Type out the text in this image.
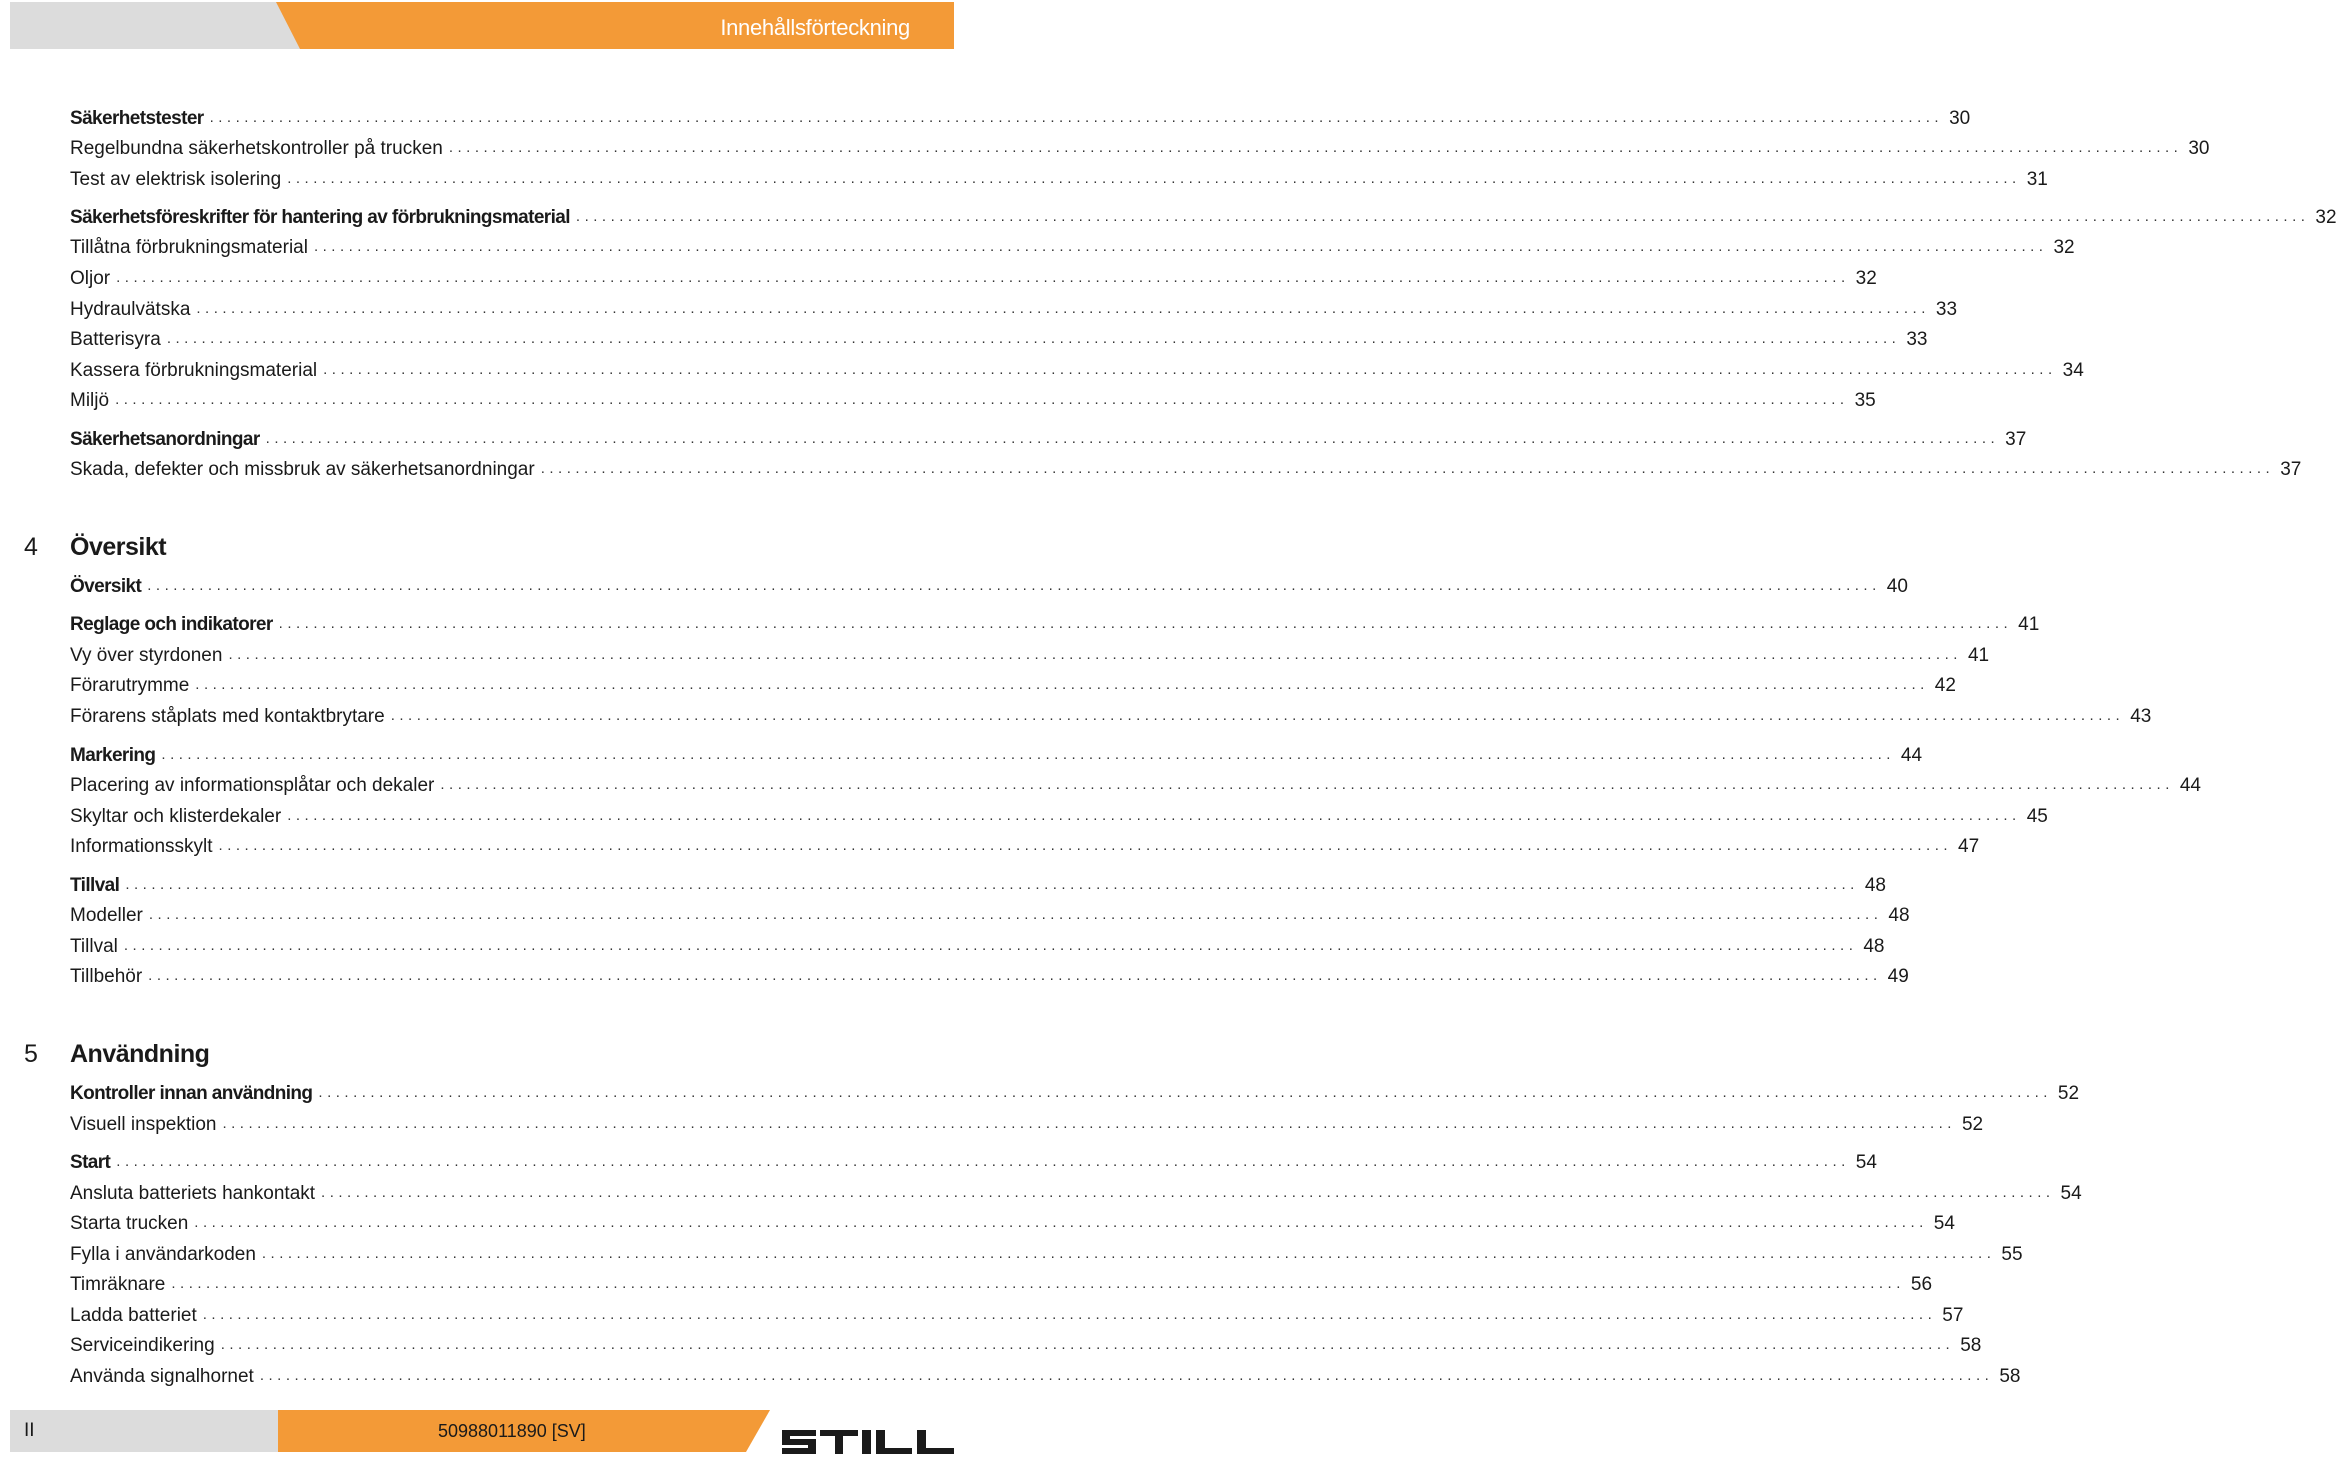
Innehållsförteckning
Säkerhetstester ........................................................................................................................................................................................................ 30
Regelbundna säkerhetskontroller på trucken ........................................................................................................................................................................................................ 30
Test av elektrisk isolering ........................................................................................................................................................................................................ 31
Säkerhetsföreskrifter för hantering av förbrukningsmaterial ........................................................................................................................................................................................................ 32
Tillåtna förbrukningsmaterial ........................................................................................................................................................................................................ 32
Oljor ........................................................................................................................................................................................................ 32
Hydraulvätska ........................................................................................................................................................................................................ 33
Batterisyra ........................................................................................................................................................................................................ 33
Kassera förbrukningsmaterial ........................................................................................................................................................................................................ 34
Miljö ........................................................................................................................................................................................................ 35
Säkerhetsanordningar ........................................................................................................................................................................................................ 37
Skada, defekter och missbruk av säkerhetsanordningar ........................................................................................................................................................................................................ 37
4	Översikt
Översikt ........................................................................................................................................................................................................ 40
Reglage och indikatorer ........................................................................................................................................................................................................ 41
Vy över styrdonen ........................................................................................................................................................................................................ 41
Förarutrymme ........................................................................................................................................................................................................ 42
Förarens ståplats med kontaktbrytare ........................................................................................................................................................................................................ 43
Markering ........................................................................................................................................................................................................ 44
Placering av informationsplåtar och dekaler ........................................................................................................................................................................................................ 44
Skyltar och klisterdekaler ........................................................................................................................................................................................................ 45
Informationsskylt ........................................................................................................................................................................................................ 47
Tillval ........................................................................................................................................................................................................ 48
Modeller ........................................................................................................................................................................................................ 48
Tillval ........................................................................................................................................................................................................ 48
Tillbehör ........................................................................................................................................................................................................ 49
5	Användning
Kontroller innan användning ........................................................................................................................................................................................................ 52
Visuell inspektion ........................................................................................................................................................................................................ 52
Start ........................................................................................................................................................................................................ 54
Ansluta batteriets hankontakt ........................................................................................................................................................................................................ 54
Starta trucken ........................................................................................................................................................................................................ 54
Fylla i användarkoden ........................................................................................................................................................................................................ 55
Timräknare ........................................................................................................................................................................................................ 56
Ladda batteriet ........................................................................................................................................................................................................ 57
Serviceindikering ........................................................................................................................................................................................................ 58
Använda signalhornet ........................................................................................................................................................................................................ 58
II	50988011890 [SV]
